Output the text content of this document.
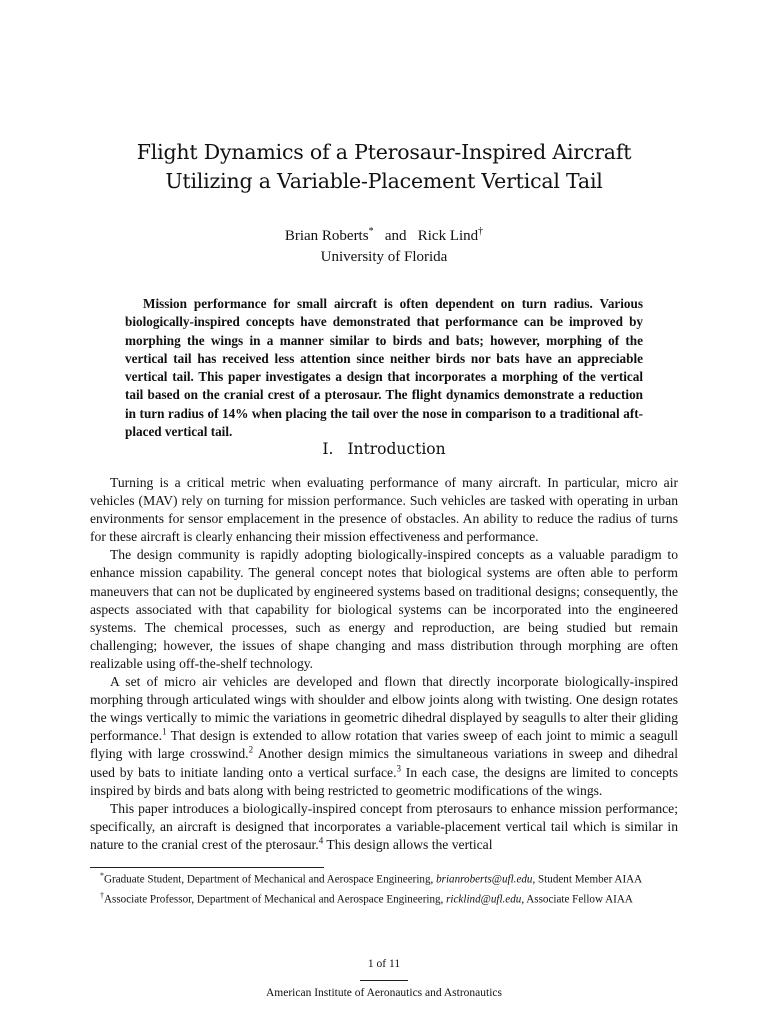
Flight Dynamics of a Pterosaur-Inspired Aircraft
Utilizing a Variable-Placement Vertical Tail
Brian Roberts* and Rick Lind†
University of Florida
Mission performance for small aircraft is often dependent on turn radius. Various biologically-inspired concepts have demonstrated that performance can be improved by morphing the wings in a manner similar to birds and bats; however, morphing of the vertical tail has received less attention since neither birds nor bats have an appreciable vertical tail. This paper investigates a design that incorporates a morphing of the vertical tail based on the cranial crest of a pterosaur. The flight dynamics demonstrate a reduction in turn radius of 14% when placing the tail over the nose in comparison to a traditional aft-placed vertical tail.
I. Introduction

Turning is a critical metric when evaluating performance of many aircraft. In particular, micro air vehicles (MAV) rely on turning for mission performance. Such vehicles are tasked with operating in urban environments for sensor emplacement in the presence of obstacles. An ability to reduce the radius of turns for these aircraft is clearly enhancing their mission effectiveness and performance.

The design community is rapidly adopting biologically-inspired concepts as a valuable paradigm to enhance mission capability. The general concept notes that biological systems are often able to perform maneuvers that can not be duplicated by engineered systems based on traditional designs; consequently, the aspects associated with that capability for biological systems can be incorporated into the engineered systems. The chemical processes, such as energy and reproduction, are being studied but remain challenging; however, the issues of shape changing and mass distribution through morphing are often realizable using off-the-shelf technology.

A set of micro air vehicles are developed and flown that directly incorporate biologically-inspired morphing through articulated wings with shoulder and elbow joints along with twisting. One design rotates the wings vertically to mimic the variations in geometric dihedral displayed by seagulls to alter their gliding performance.$^1$ That design is extended to allow rotation that varies sweep of each joint to mimic a seagull flying with large crosswind.$^2$ Another design mimics the simultaneous variations in sweep and dihedral used by bats to initiate landing onto a vertical surface.$^3$ In each case, the designs are limited to concepts inspired by birds and bats along with being restricted to geometric modifications of the wings.

This paper introduces a biologically-inspired concept from pterosaurs to enhance mission performance; specifically, an aircraft is designed that incorporates a variable-placement vertical tail which is similar in nature to the cranial crest of the pterosaur.$^4$ This design allows the vertical

*Graduate Student, Department of Mechanical and Aerospace Engineering, brianroberts@ufl.edu, Student Member AIAA

†Associate Professor, Department of Mechanical and Aerospace Engineering, ricklind@ufl.edu, Associate Fellow AIAA

1 of 11
American Institute of Aeronautics and Astronautics
